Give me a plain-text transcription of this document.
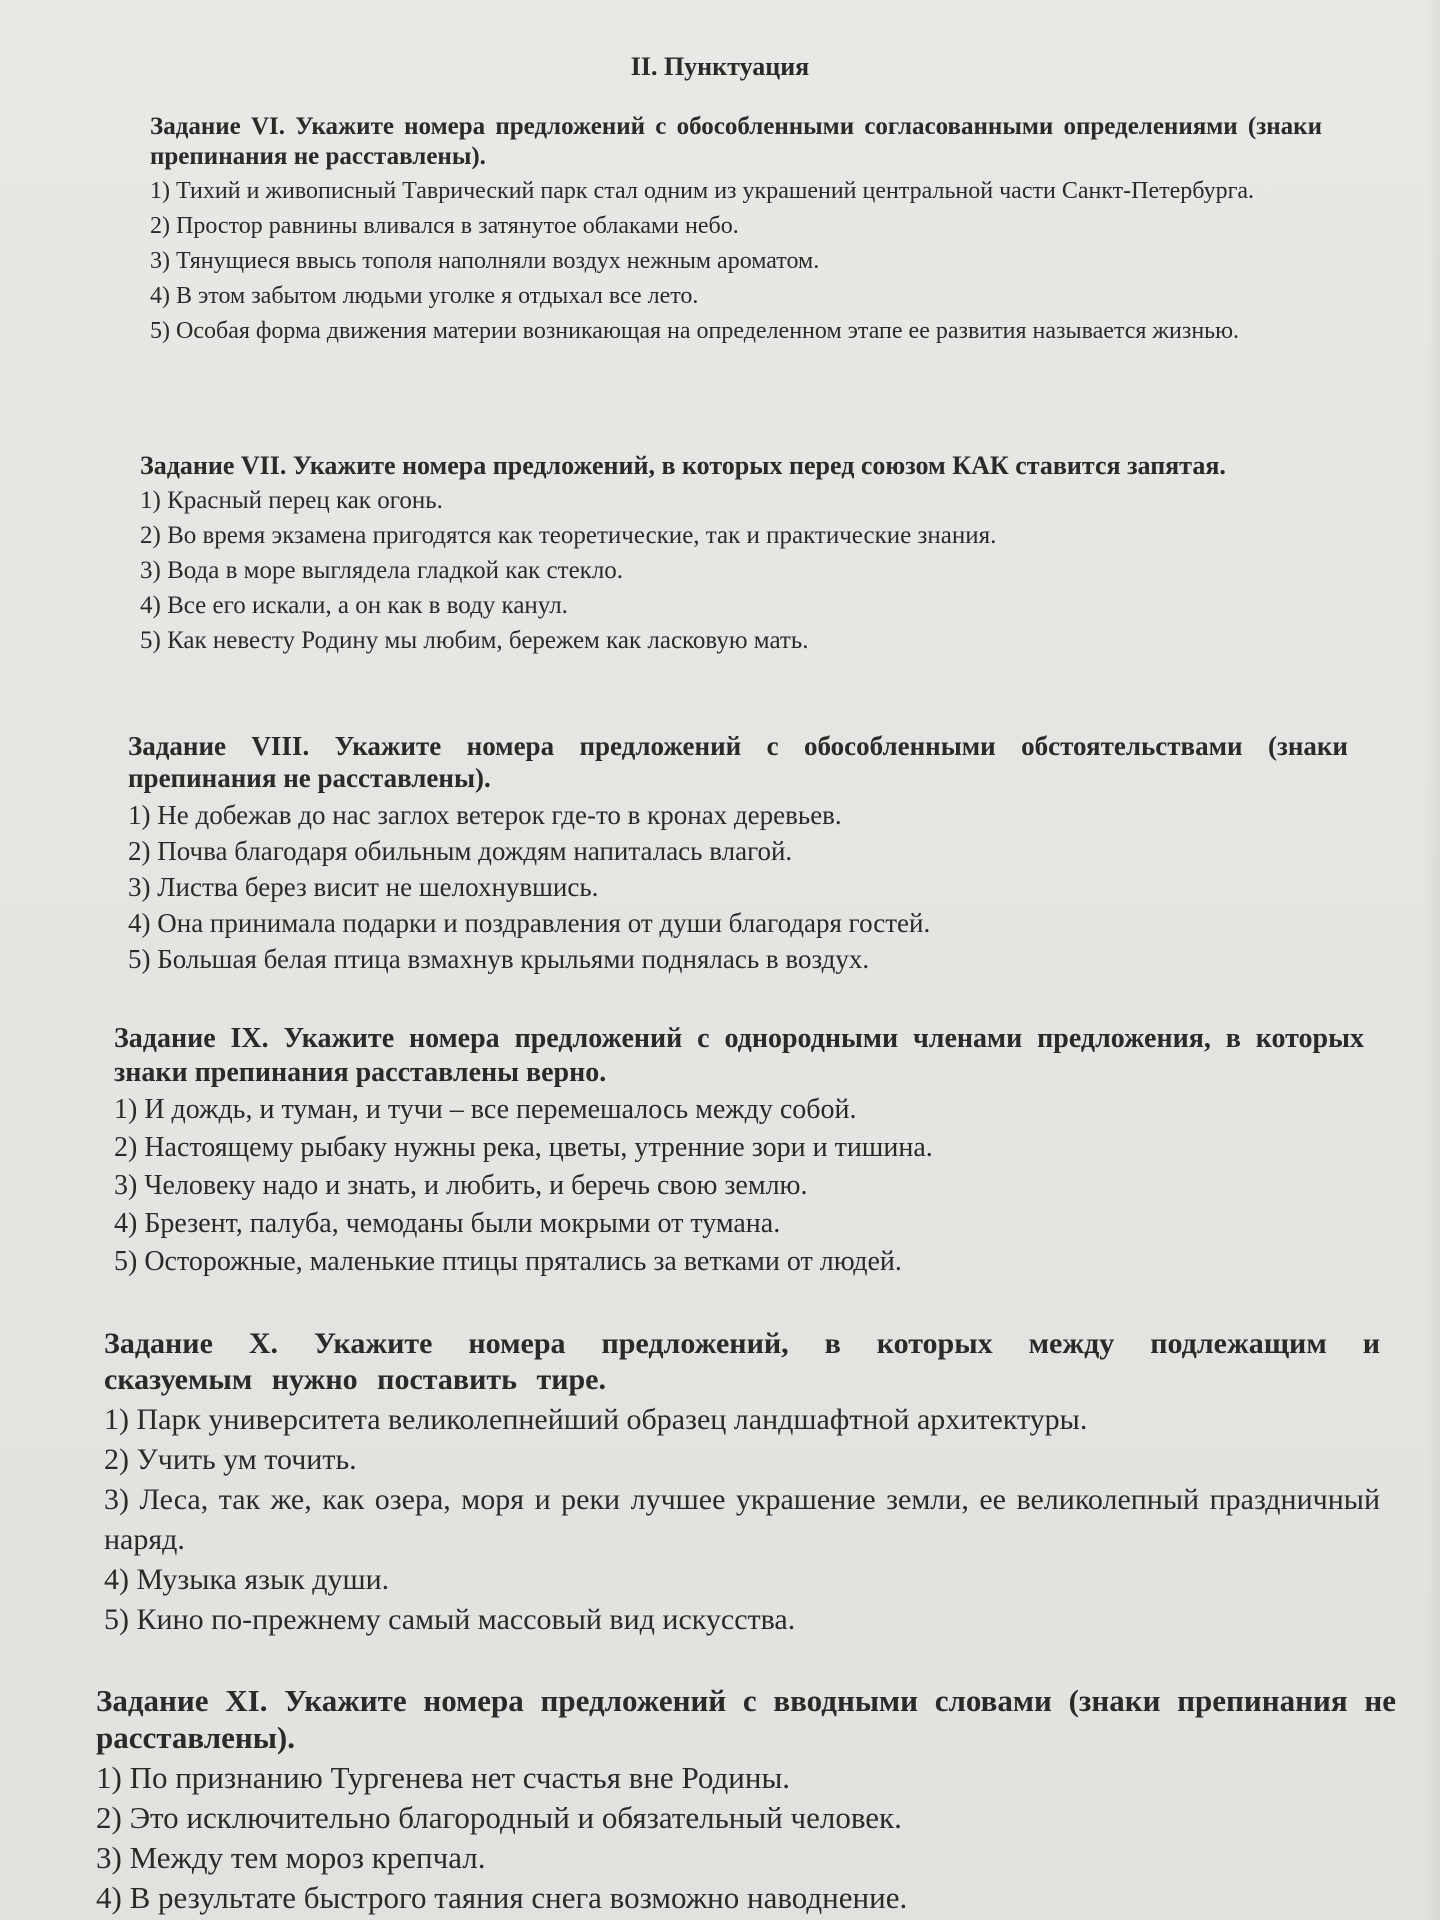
II. Пунктуация

Задание VI. Укажите номера предложений с обособленными согласованными определениями (знаки препинания не расставлены).

1) Тихий и живописный Таврический парк стал одним из украшений центральной части Санкт-Петербурга.

2) Простор равнины вливался в затянутое облаками небо.

3) Тянущиеся ввысь тополя наполняли воздух нежным ароматом.

4) В этом забытом людьми уголке я отдыхал все лето.

5) Особая форма движения материи возникающая на определенном этапе ее развития называется жизнью.

Задание VII. Укажите номера предложений, в которых перед союзом КАК ставится запятая.

1) Красный перец как огонь.

2) Во время экзамена пригодятся как теоретические, так и практические знания.

3) Вода в море выглядела гладкой как стекло.

4) Все его искали, а он как в воду канул.

5) Как невесту Родину мы любим, бережем как ласковую мать.

Задание VIII. Укажите номера предложений с обособленными обстоятельствами (знаки препинания не расставлены).

1) Не добежав до нас заглох ветерок где-то в кронах деревьев.

2) Почва благодаря обильным дождям напиталась влагой.

3) Листва берез висит не шелохнувшись.

4) Она принимала подарки и поздравления от души благодаря гостей.

5) Большая белая птица взмахнув крыльями поднялась в воздух.

Задание IX. Укажите номера предложений с однородными членами предложения, в которых знаки препинания расставлены верно.

1) И дождь, и туман, и тучи – все перемешалось между собой.

2) Настоящему рыбаку нужны река, цветы, утренние зори и тишина.

3) Человеку надо и знать, и любить, и беречь свою землю.

4) Брезент, палуба, чемоданы были мокрыми от тумана.

5) Осторожные, маленькие птицы прятались за ветками от людей.

Задание X. Укажите номера предложений, в которых между подлежащим и сказуемым нужно поставить тире.

1) Парк университета великолепнейший образец ландшафтной архитектуры.

2) Учить ум точить.

3) Леса, так же, как озера, моря и реки лучшее украшение земли, ее великолепный праздничный наряд.

4) Музыка язык души.

5) Кино по-прежнему самый массовый вид искусства.

Задание XI. Укажите номера предложений с вводными словами (знаки препинания не расставлены).

1) По признанию Тургенева нет счастья вне Родины.

2) Это исключительно благородный и обязательный человек.

3) Между тем мороз крепчал.

4) В результате быстрого таяния снега возможно наводнение.
